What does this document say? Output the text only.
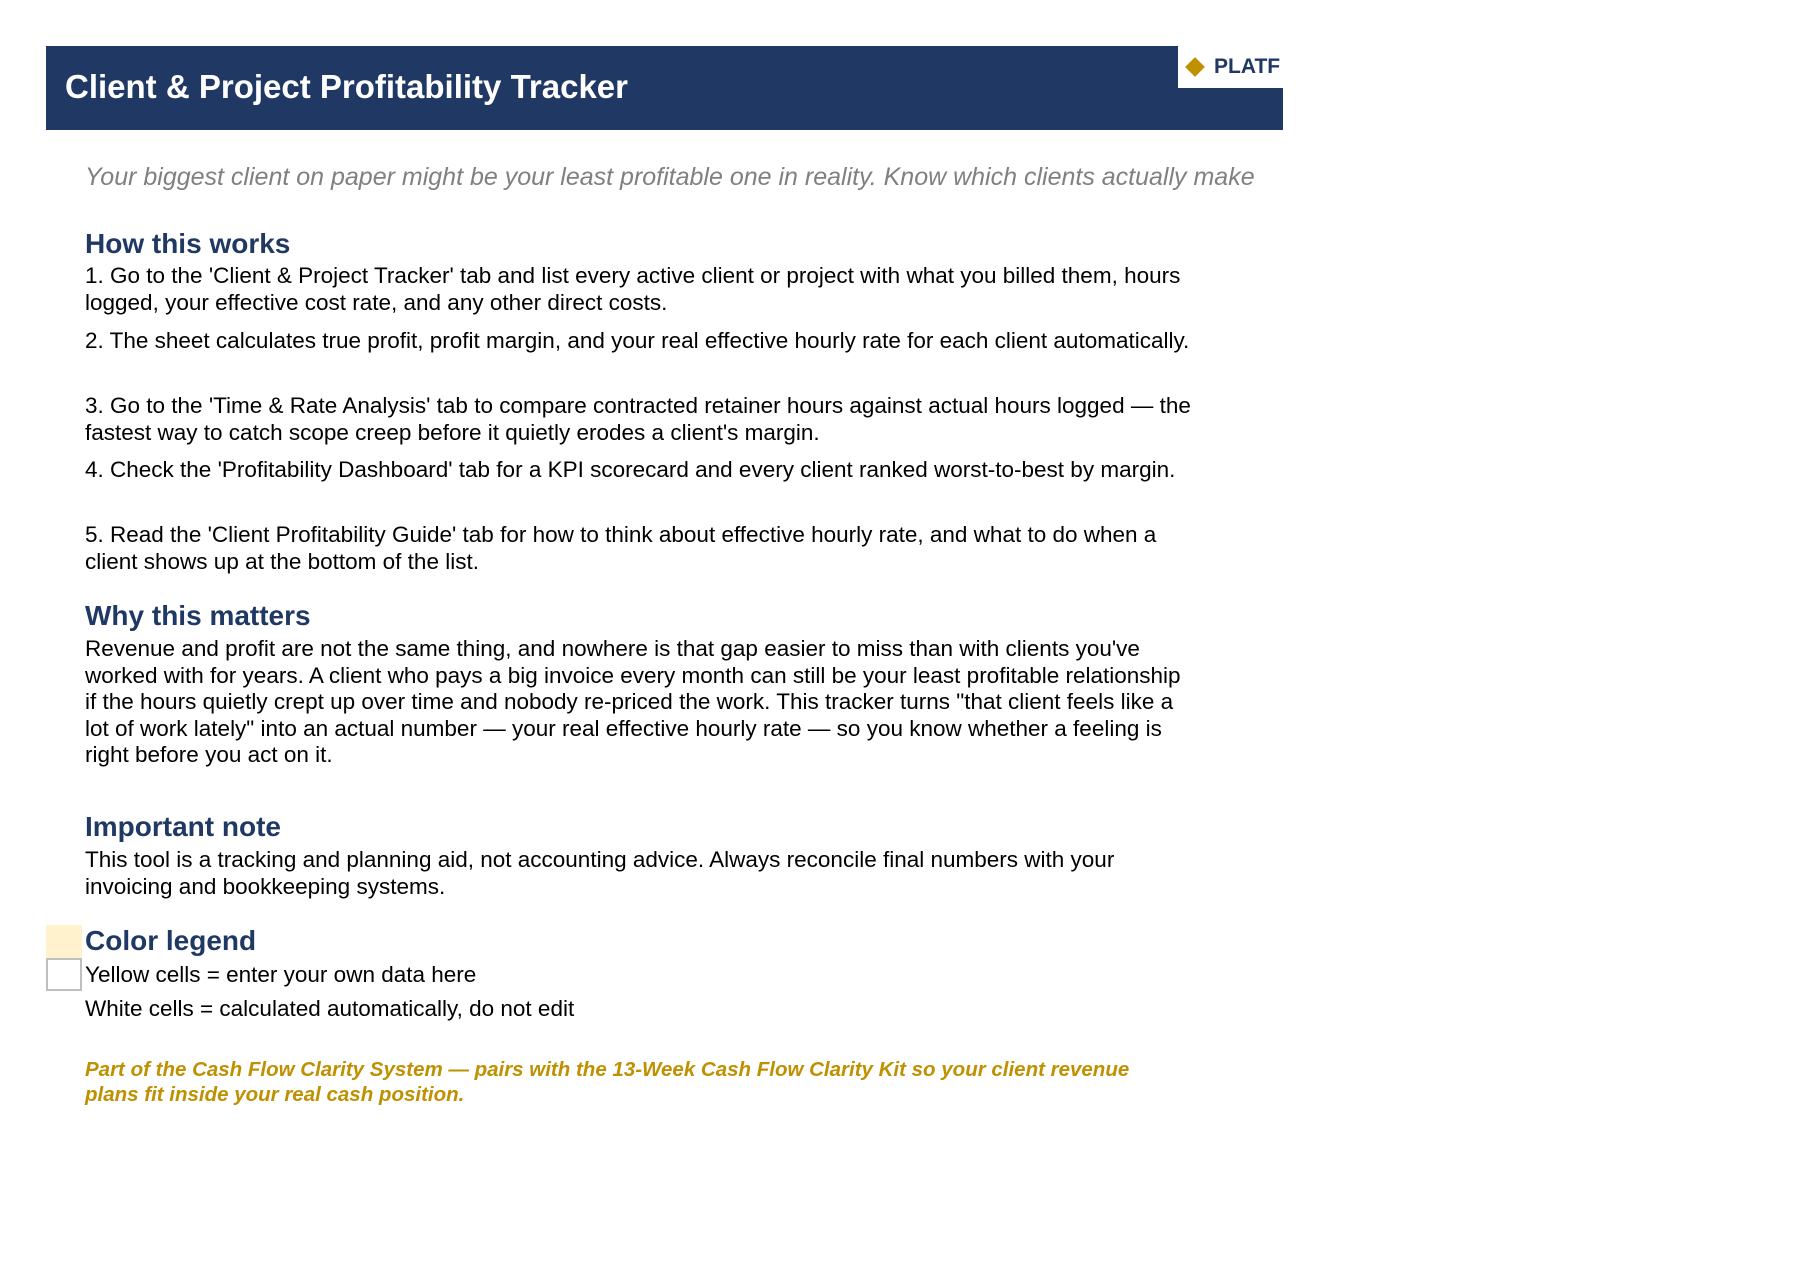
Client & Project Profitability Tracker
PLATF
Your biggest client on paper might be your least profitable one in reality. Know which clients actually make
How this works
1. Go to the 'Client & Project Tracker' tab and list every active client or project with what you billed them, hours logged, your effective cost rate, and any other direct costs.
2. The sheet calculates true profit, profit margin, and your real effective hourly rate for each client automatically.
3. Go to the 'Time & Rate Analysis' tab to compare contracted retainer hours against actual hours logged — the fastest way to catch scope creep before it quietly erodes a client's margin.
4. Check the 'Profitability Dashboard' tab for a KPI scorecard and every client ranked worst-to-best by margin.
5. Read the 'Client Profitability Guide' tab for how to think about effective hourly rate, and what to do when a client shows up at the bottom of the list.
Why this matters
Revenue and profit are not the same thing, and nowhere is that gap easier to miss than with clients you've worked with for years. A client who pays a big invoice every month can still be your least profitable relationship if the hours quietly crept up over time and nobody re-priced the work. This tracker turns "that client feels like a lot of work lately" into an actual number — your real effective hourly rate — so you know whether a feeling is right before you act on it.
Important note
This tool is a tracking and planning aid, not accounting advice. Always reconcile final numbers with your invoicing and bookkeeping systems.
Color legend
Yellow cells = enter your own data here
White cells = calculated automatically, do not edit
Part of the Cash Flow Clarity System — pairs with the 13-Week Cash Flow Clarity Kit so your client revenue plans fit inside your real cash position.
